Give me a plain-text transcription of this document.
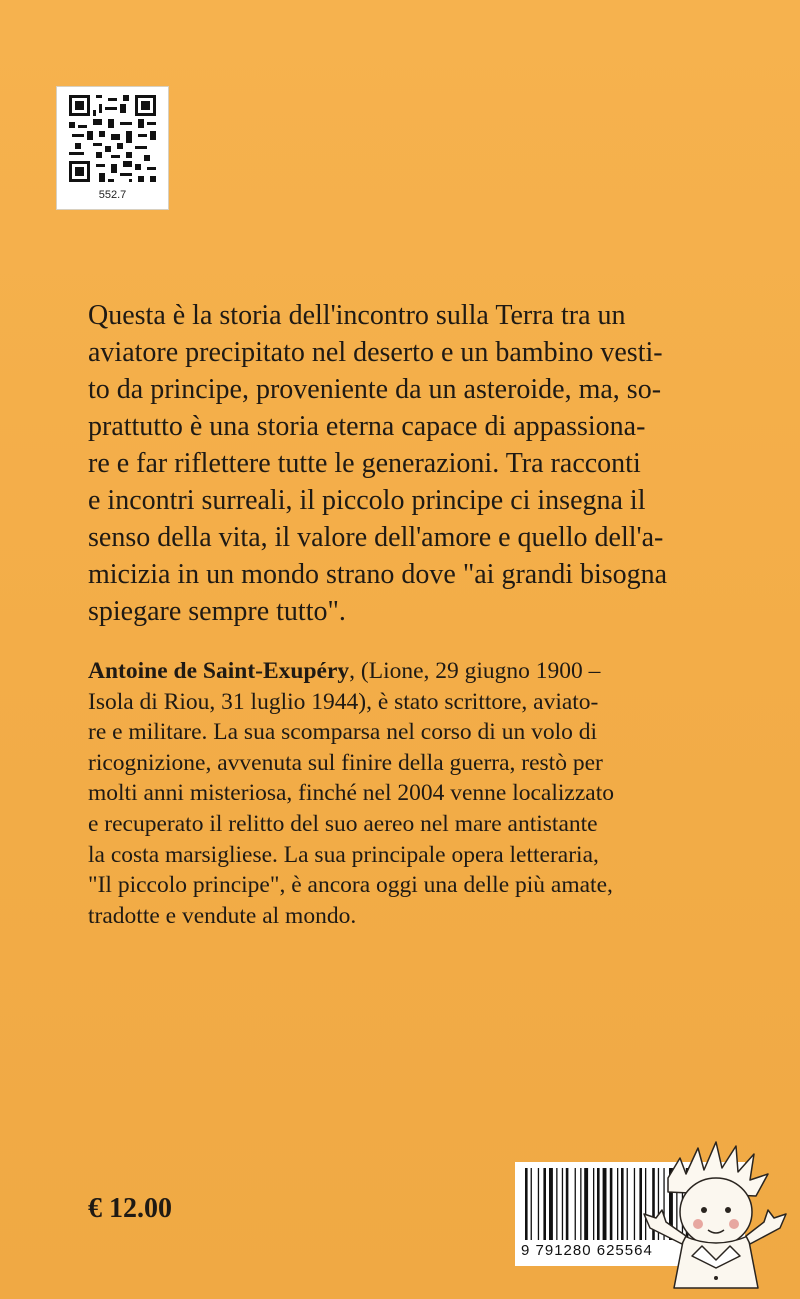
552.7

Questa è la storia dell'incontro sulla Terra tra un
aviatore precipitato nel deserto e un bambino vesti-
to da principe, proveniente da un asteroide, ma, so-
prattutto è una storia eterna capace di appassiona-
re e far riflettere tutte le generazioni. Tra racconti
e incontri surreali, il piccolo principe ci insegna il
senso della vita, il valore dell'amore e quello dell'a-
micizia in un mondo strano dove "ai grandi bisogna
spiegare sempre tutto".

Antoine de Saint-Exupéry, (Lione, 29 giugno 1900 –
Isola di Riou, 31 luglio 1944), è stato scrittore, aviato-
re e militare. La sua scomparsa nel corso di un volo di
ricognizione, avvenuta sul finire della guerra, restò per
molti anni misteriosa, finché nel 2004 venne localizzato
e recuperato il relitto del suo aereo nel mare antistante
la costa marsigliese. La sua principale opera letteraria,
"Il piccolo principe", è ancora oggi una delle più amate,
tradotte e vendute al mondo.

€ 12.00
9 791280 625564
